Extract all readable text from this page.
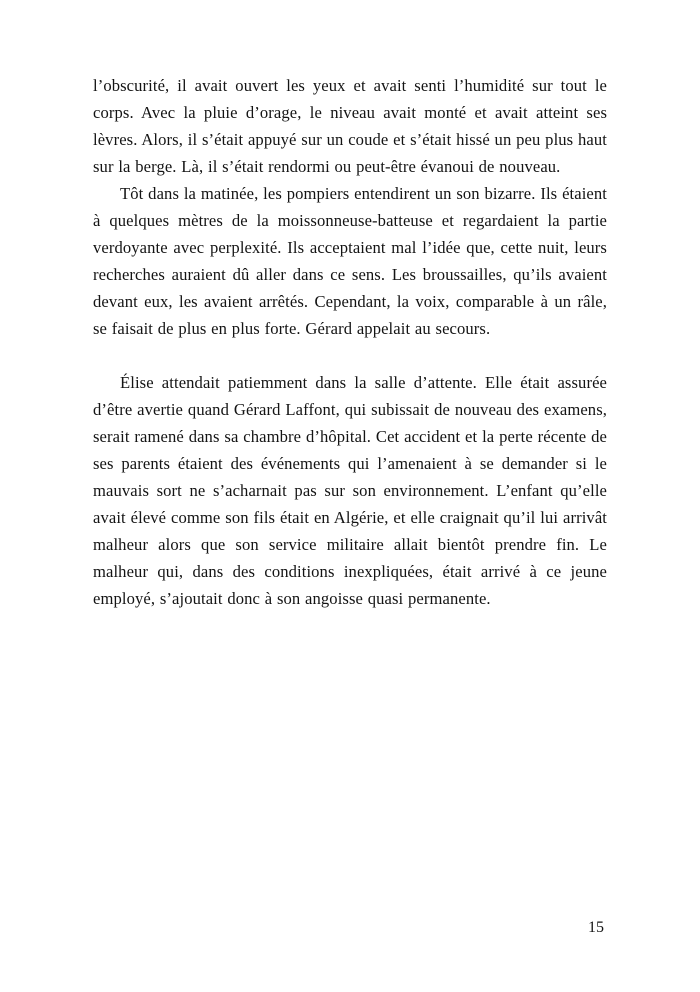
l’obscurité, il avait ouvert les yeux et avait senti l’humidité sur tout le corps. Avec la pluie d’orage, le niveau avait monté et avait atteint ses lèvres. Alors, il s’était appuyé sur un coude et s’était hissé un peu plus haut sur la berge. Là, il s’était rendormi ou peut-être évanoui de nouveau.

Tôt dans la matinée, les pompiers entendirent un son bizarre. Ils étaient à quelques mètres de la moissonneuse-batteuse et regardaient la partie verdoyante avec perplexité. Ils acceptaient mal l’idée que, cette nuit, leurs recherches auraient dû aller dans ce sens. Les broussailles, qu’ils avaient devant eux, les avaient arrêtés. Cependant, la voix, comparable à un râle, se faisait de plus en plus forte. Gérard appelait au secours.

Élise attendait patiemment dans la salle d’attente. Elle était assurée d’être avertie quand Gérard Laffont, qui subissait de nouveau des examens, serait ramené dans sa chambre d’hôpital. Cet accident et la perte récente de ses parents étaient des événements qui l’amenaient à se demander si le mauvais sort ne s’acharnait pas sur son environnement. L’enfant qu’elle avait élevé comme son fils était en Algérie, et elle craignait qu’il lui arrivât malheur alors que son service militaire allait bientôt prendre fin. Le malheur qui, dans des conditions inexpliquées, était arrivé à ce jeune employé, s’ajoutait donc à son angoisse quasi permanente.

15
